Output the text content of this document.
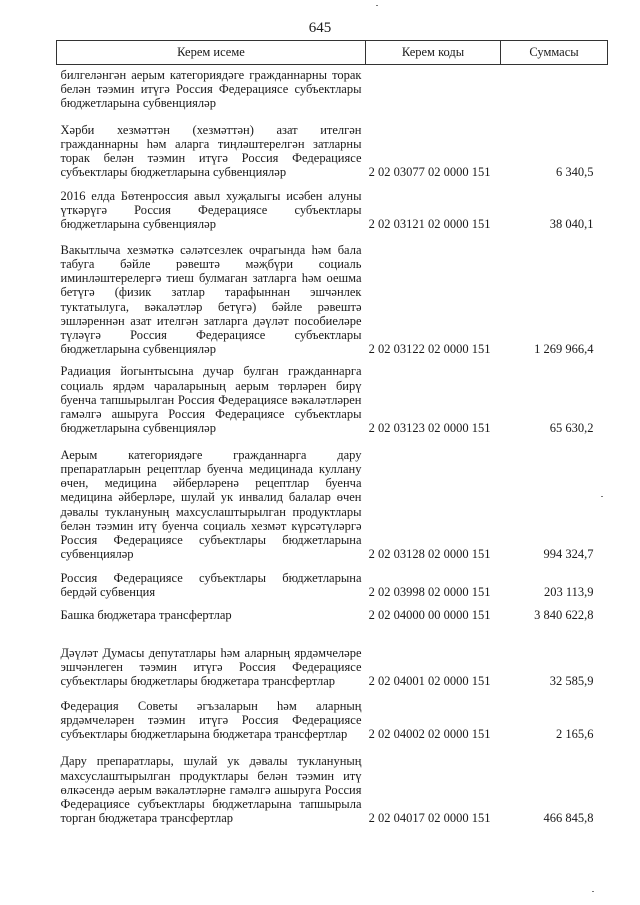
645
Керем исеме	Керем коды	Суммасы
билгеләнгән аерым категориядәге гражданнарны торак белән тәэмин итүгә Россия Федерациясе субъектлары бюджетларына субвенцияләр		
Хәрби хезмәттән (хезмәттән) азат ителгән гражданнарны һәм аларга тиңләштерелгән затларны торак белән тәэмин итүгә Россия Федерациясе субъектлары бюджетларына субвенцияләр	2 02 03077 02 0000 151	6 340,5
2016 елда Бөтенроссия авыл хуҗалыгы исәбен алуны үткәрүгә Россия Федерациясе субъектлары бюджетларына субвенцияләр	2 02 03121 02 0000 151	38 040,1
Вакытлыча хезмәткә сәләтсезлек очрагында һәм бала табуга бәйле рәвештә мәҗбүри социаль иминләштерелергә тиеш булмаган затларга һәм оешма бетүгә (физик затлар тарафыннан эшчәнлек туктатылуга, вәкаләтләр бетүгә) бәйле рәвештә эшләреннән азат ителгән затларга дәүләт пособиеләре түләүгә Россия Федерациясе субъектлары бюджетларына субвенцияләр	2 02 03122 02 0000 151	1 269 966,4
Радиация йогынтысына дучар булган гражданнарга социаль ярдәм чараларының аерым төрләрен бирү буенча тапшырылган Россия Федерациясе вәкаләтләрен гамәлгә ашыруга Россия Федерациясе субъектлары бюджетларына субвенцияләр	2 02 03123 02 0000 151	65 630,2
Аерым категориядәге гражданнарга дару препаратларын рецептлар буенча медицинада куллану өчен, медицина әйберләренә рецептлар буенча медицина әйберләре, шулай ук инвалид балалар өчен дәвалы туклануның махсуслаштырылган продуктлары белән тәэмин итү буенча социаль хезмәт күрсәтүләргә Россия Федерациясе субъектлары бюджетларына субвенцияләр	2 02 03128 02 0000 151	994 324,7
Россия Федерациясе субъектлары бюджетларына бердәй субвенция	2 02 03998 02 0000 151	203 113,9
Башка бюджетара трансфертлар	2 02 04000 00 0000 151	3 840 622,8
Дәүләт Думасы депутатлары һәм аларның ярдәмчеләре эшчәнлеген тәэмин итүгә Россия Федерациясе субъектлары бюджетлары бюджетара трансфертлар	2 02 04001 02 0000 151	32 585,9
Федерация Советы әгъзаларын һәм аларның ярдәмчеләрен тәэмин итүгә Россия Федерациясе субъектлары бюджетларына бюджетара трансфертлар	2 02 04002 02 0000 151	2 165,6
Дару препаратлары, шулай ук дәвалы туклануның махсуслаштырылган продуктлары белән тәэмин итү өлкәсендә аерым вәкаләтләрне гамәлгә ашыруга Россия Федерациясе субъектлары бюджетларына тапшырыла торган бюджетара трансфертлар	2 02 04017 02 0000 151	466 845,8
